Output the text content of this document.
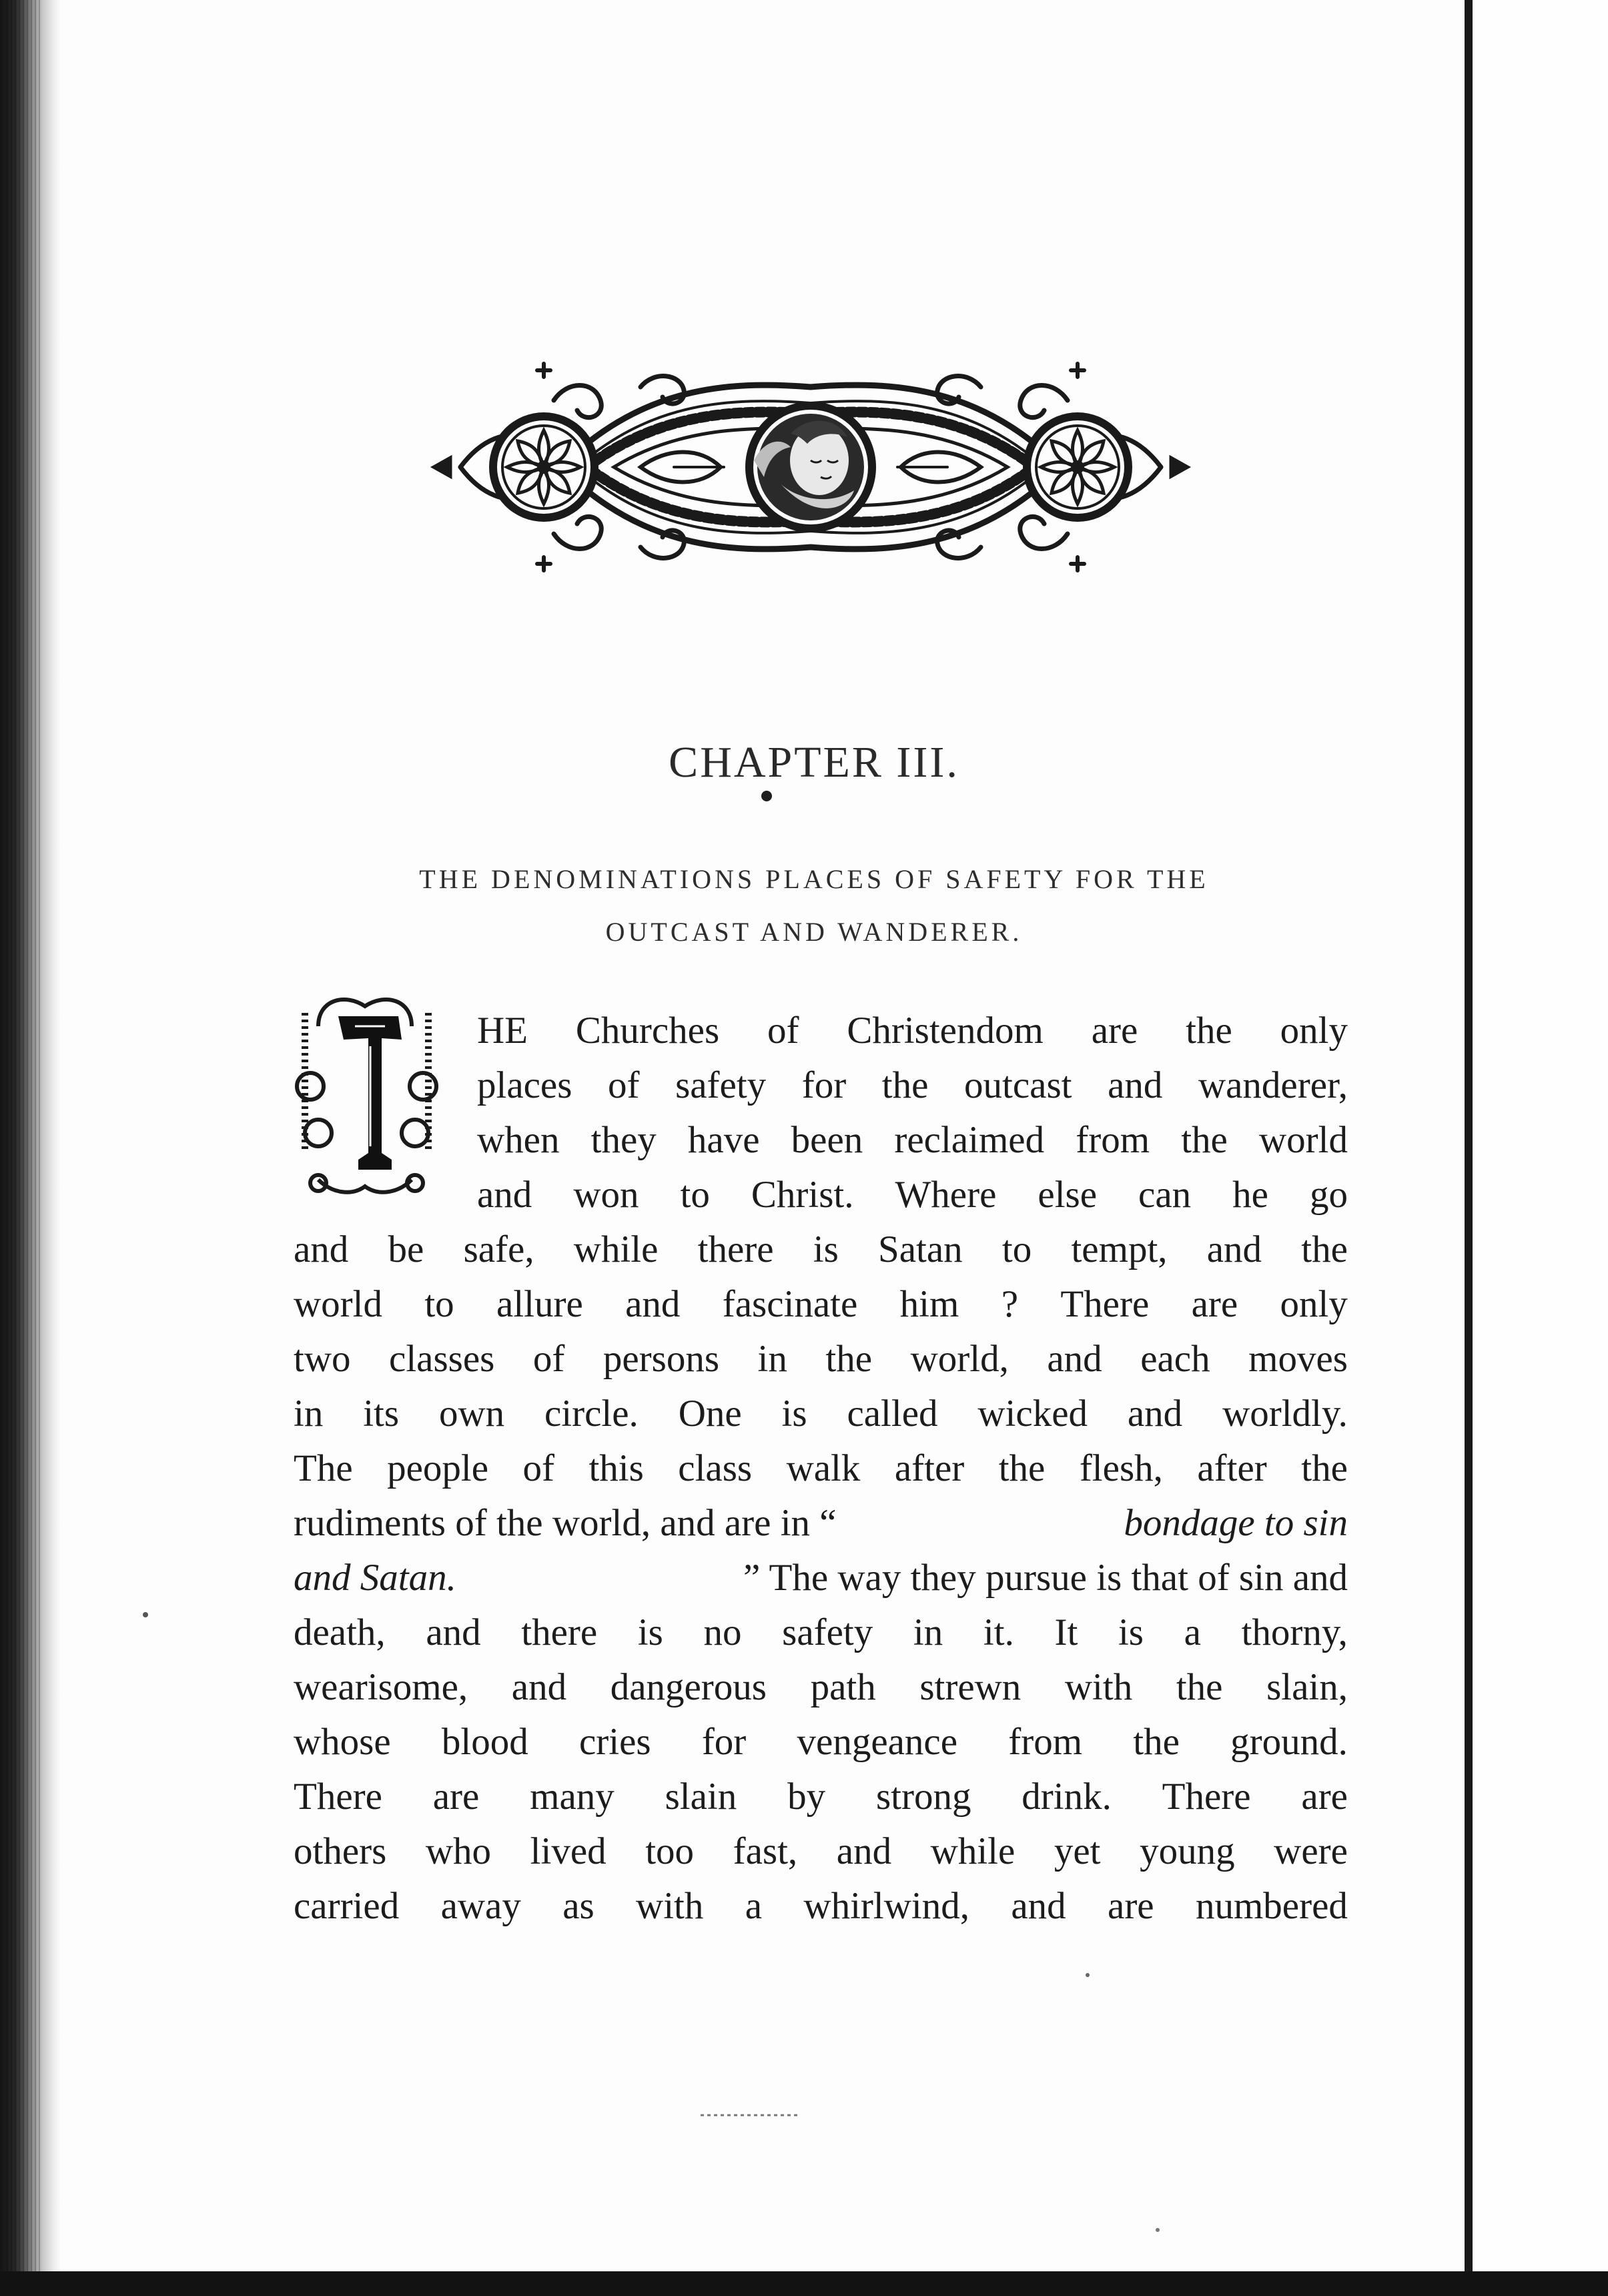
CHAPTER III.
THE DENOMINATIONS PLACES OF SAFETY FOR THE
OUTCAST AND WANDERER.
HE Churches of Christendom are the only
places of safety for the outcast and wanderer,
when they have been reclaimed from the world
and won to Christ. Where else can he go
and be safe, while there is Satan to tempt, and the
world to allure and fascinate him ? There are only
two classes of persons in the world, and each moves
in its own circle. One is called wicked and worldly.
The people of this class walk after the flesh, after the
rudiments of the world, and are in “	bondage to sin
and Satan.	” The way they pursue is that of sin and
death, and there is no safety in it. It is a thorny,
wearisome, and dangerous path strewn with the slain,
whose blood cries for vengeance from the ground.
There are many slain by strong drink. There are
others who lived too fast, and while yet young were
carried away as with a whirlwind, and are numbered
